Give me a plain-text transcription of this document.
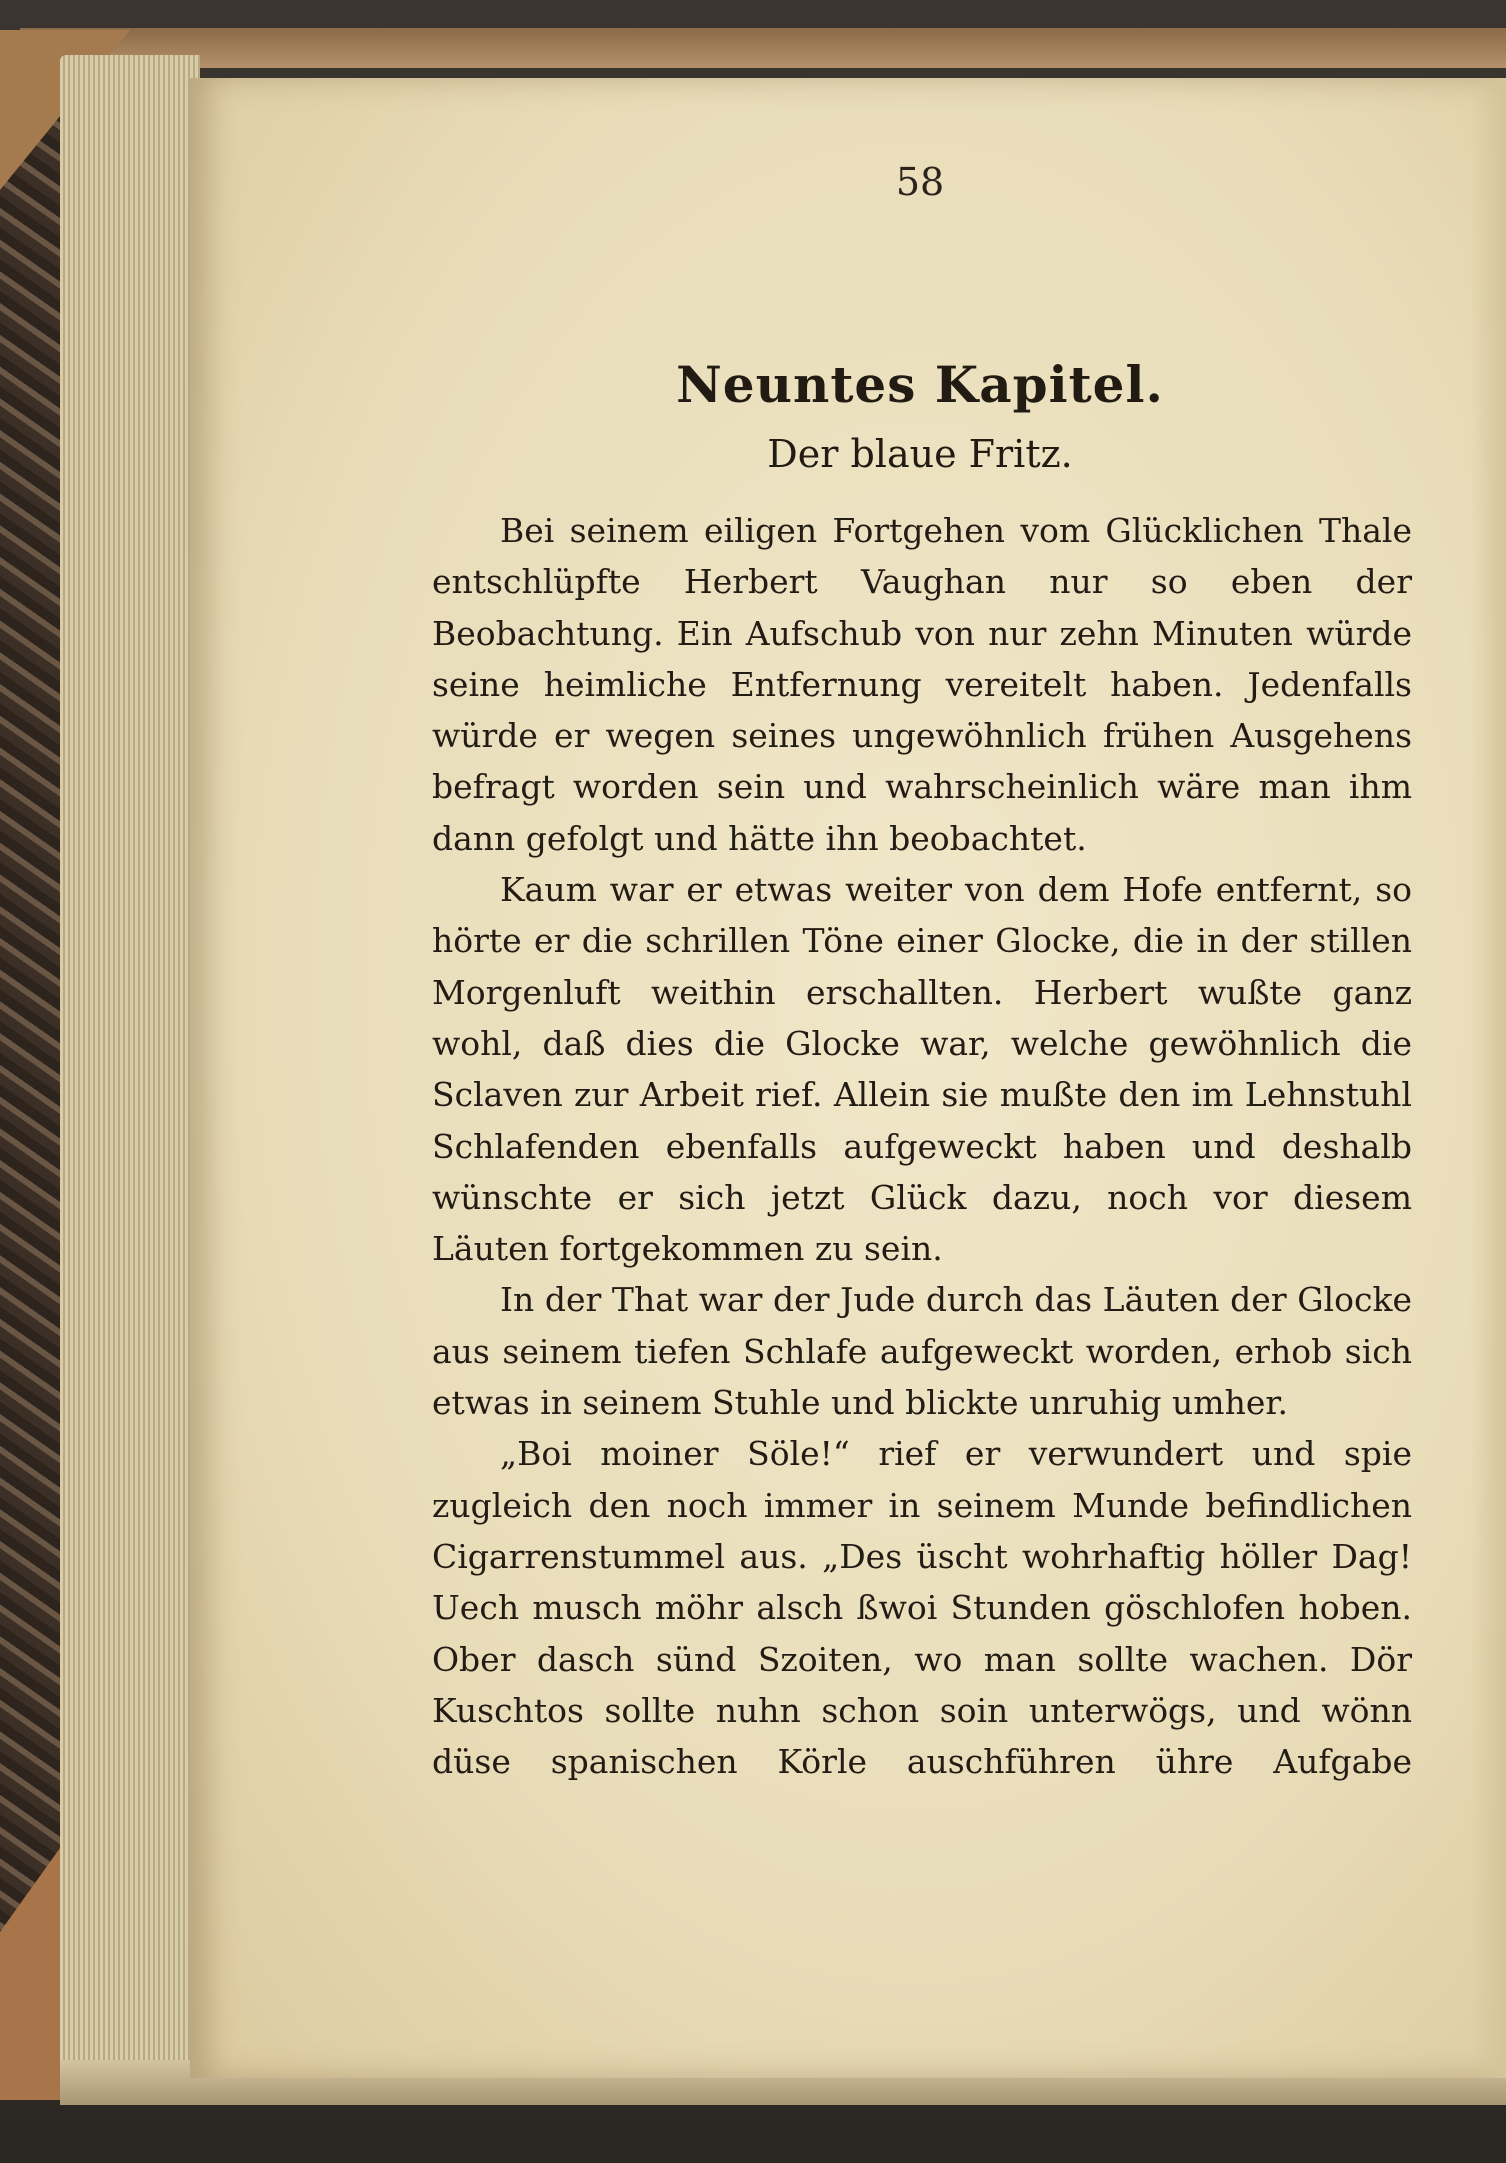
58
Neuntes Kapitel.
Der blaue Fritz.

Bei seinem eiligen Fortgehen vom Glücklichen Thale entschlüpfte Herbert Vaughan nur so eben der Beobachtung. Ein Aufschub von nur zehn Minuten würde seine heimliche Entfernung vereitelt haben. Jedenfalls würde er wegen seines ungewöhnlich frühen Ausgehens befragt worden sein und wahrscheinlich wäre man ihm dann gefolgt und hätte ihn beobachtet.

Kaum war er etwas weiter von dem Hofe entfernt, so hörte er die schrillen Töne einer Glocke, die in der stillen Morgenluft weithin erschallten. Herbert wußte ganz wohl, daß dies die Glocke war, welche gewöhnlich die Sclaven zur Arbeit rief. Allein sie mußte den im Lehnstuhl Schlafenden ebenfalls aufgeweckt haben und deshalb wünschte er sich jetzt Glück dazu, noch vor diesem Läuten fortgekommen zu sein.

In der That war der Jude durch das Läuten der Glocke aus seinem tiefen Schlafe aufgeweckt worden, erhob sich etwas in seinem Stuhle und blickte unruhig umher.

„Boi moiner Söle!“ rief er verwundert und spie zugleich den noch immer in seinem Munde befindlichen Cigarrenstummel aus. „Des üscht wohrhaftig höller Dag! Uech musch möhr alsch ßwoi Stunden göschlofen hoben. Ober dasch sünd Szoiten, wo man sollte wachen. Dör Kuschtos sollte nuhn schon soin unterwögs, und wönn düse spanischen Körle auschführen ühre Aufgabe
